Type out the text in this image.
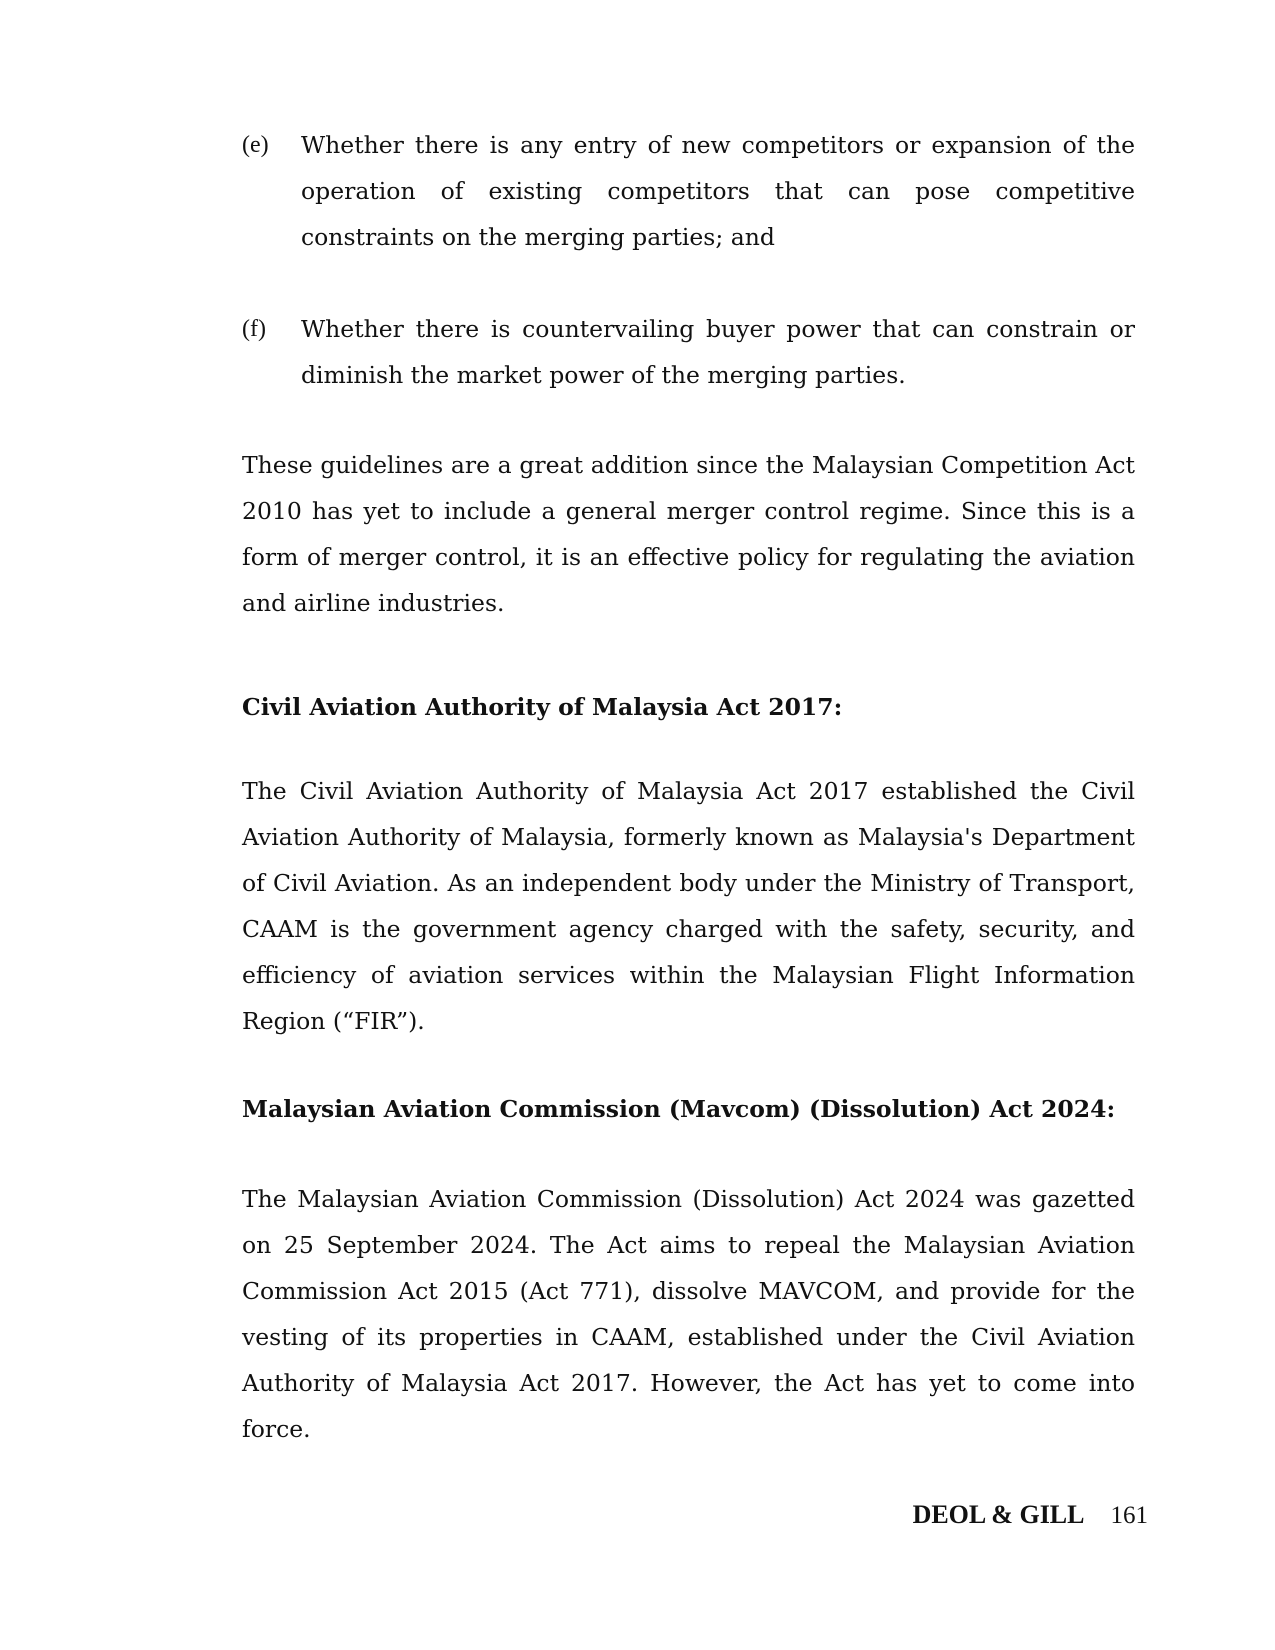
(e)	Whether there is any entry of new competitors or expansion of the operation of existing competitors that can pose competitive constraints on the merging parties; and
(f)	Whether there is countervailing buyer power that can constrain or diminish the market power of the merging parties.

These guidelines are a great addition since the Malaysian Competition Act 2010 has yet to include a general merger control regime. Since this is a form of merger control, it is an effective policy for regulating the aviation and airline industries.

Civil Aviation Authority of Malaysia Act 2017:

The Civil Aviation Authority of Malaysia Act 2017 established the Civil Aviation Authority of Malaysia, formerly known as Malaysia's Department of Civil Aviation. As an independent body under the Ministry of Transport, CAAM is the government agency charged with the safety, security, and efficiency of aviation services within the Malaysian Flight Information Region (“FIR”).

Malaysian Aviation Commission (Mavcom) (Dissolution) Act 2024:

The Malaysian Aviation Commission (Dissolution) Act 2024 was gazetted on 25 September 2024. The Act aims to repeal the Malaysian Aviation Commission Act 2015 (Act 771), dissolve MAVCOM, and provide for the vesting of its properties in CAAM, established under the Civil Aviation Authority of Malaysia Act 2017. However, the Act has yet to come into force.

DEOL & GILL 161
